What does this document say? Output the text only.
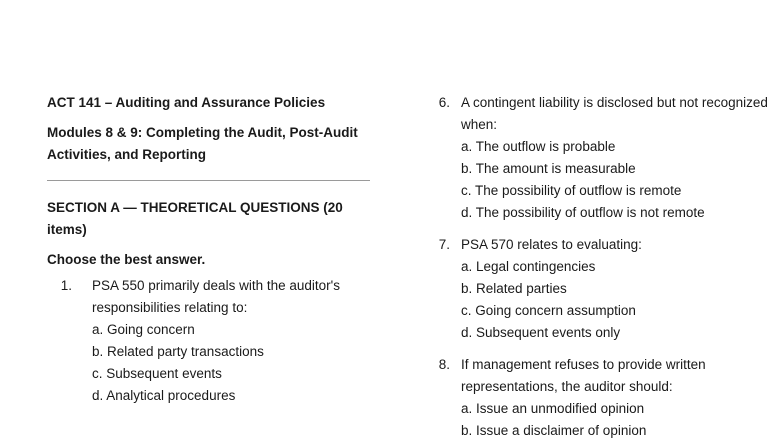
ACT 141 – Auditing and Assurance Policies
Modules 8 & 9: Completing the Audit, Post-Audit Activities, and Reporting
SECTION A — THEORETICAL QUESTIONS (20 items)
Choose the best answer.
1. PSA 550 primarily deals with the auditor's responsibilities relating to:
a. Going concern
b. Related party transactions
c. Subsequent events
d. Analytical procedures
6. A contingent liability is disclosed but not recognized when:
a. The outflow is probable
b. The amount is measurable
c. The possibility of outflow is remote
d. The possibility of outflow is not remote
7. PSA 570 relates to evaluating:
a. Legal contingencies
b. Related parties
c. Going concern assumption
d. Subsequent events only
8. If management refuses to provide written representations, the auditor should:
a. Issue an unmodified opinion
b. Issue a disclaimer of opinion
